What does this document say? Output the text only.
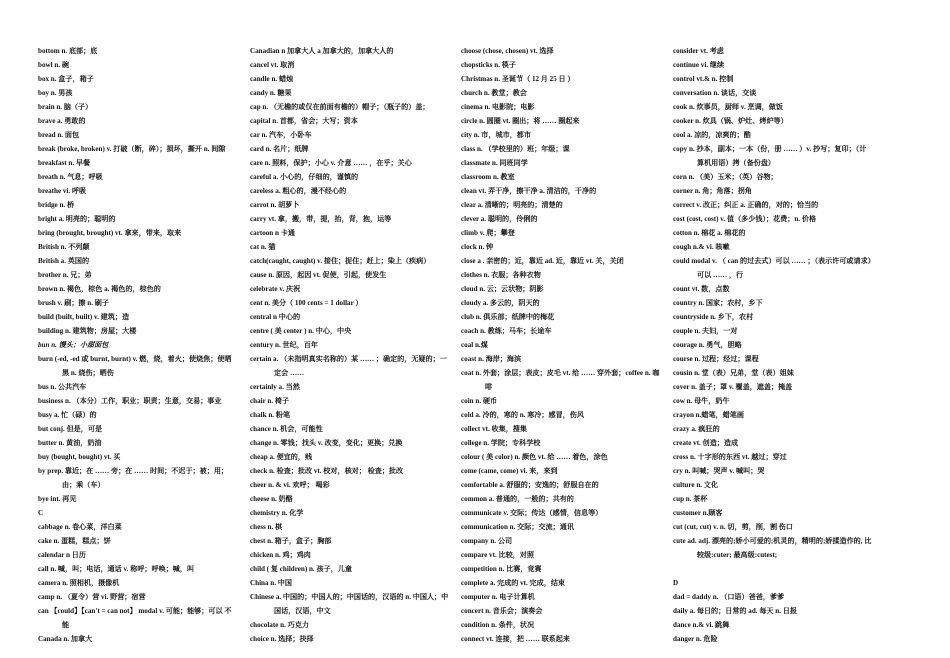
bottom n. 底部；底
bowl n. 碗
box n. 盒子，箱子
boy n. 男孩
brain n. 脑（子）
brave a. 勇敢的
bread n. 面包
break (broke, broken) v. 打破（断，碎）；损坏，撕开 n. 间隙
breakfast n. 早餐
breath n. 气息；呼吸
breathe vi. 呼吸
bridge n. 桥
bright a. 明亮的；聪明的
bring (brought, brought) vt. 拿来，带来，取来
British n. 不列颠
British a. 英国的
brother n. 兄；弟
brown n. 褐色，棕色 a. 褐色的，棕色的
brush v. 刷；擦 n. 刷子
build (built, built) v. 建筑；造
building n. 建筑物；房屋；大楼
bun n. 馒头；小甜面包
burn (-ed, -ed 或 burnt, burnt) v. 燃，烧，着火；使烧焦；使晒黑 n. 烧伤；晒伤
bus n. 公共汽车
business n. （本分）工作，职业；职责；生意，交易；事业
busy a. 忙（碌）的
but conj. 但是，可是
butter n. 黄油，奶油
buy (bought, bought) vt. 买
by prep. 靠近；在 …… 旁；在 …… 时间；不迟于；被；用；由；乘（车）
bye int. 再见
C
cabbage n. 卷心菜，洋白菜
cake n. 蛋糕，糕点；饼
calendar n 日历
call n. 喊，叫；电话，通话 v. 称呼；呼唤；喊，叫
camera n. 照相机，摄像机
camp n. （夏令）营 vi. 野营；宿营
can 【could】【can't = can not】 modal v. 可能；能够；可以 不能
Canada n. 加拿大
Canadian n 加拿大人 a 加拿大的，加拿大人的
cancel vt. 取消
candle n. 蜡烛
candy n. 糖果
cap n. （无檐的或仅在前面有檐的）帽子；（瓶子的）盖；
capital n. 首都，省会；大写；资本
car n. 汽车，小卧车
card n. 名片；纸牌
care n. 照料，保护；小心 v. 介意 …… ，在乎；关心
careful a. 小心的，仔细的，谨慎的
careless a. 粗心的，漫不经心的
carrot n. 胡萝卜
carry vt. 拿，搬，带，提，抬，背，抱，运等
cartoon n 卡通
cat n. 猫
catch(caught, caught) v. 接住；捉住；赶上；染上（疾病）
cause n. 原因，起因 vt. 促使，引起，使发生
celebrate v. 庆祝
cent n. 美分（ 100 cents = 1 dollar ）
central n 中心的
centre ( 美 center ) n. 中心，中央
century n. 世纪，百年
certain a. （未指明真实名称的）某 …… ；确定的，无疑的；一定会 ……
certainly a. 当然
chair n. 椅子
chalk n. 粉笔
chance n. 机会，可能性
change n. 零钱；找头 v. 改变，变化；更换；兑换
cheap a. 便宜的，贱
check n. 检查；批改 vt. 校对，核对； 检查；批改
cheer n. & vi. 欢呼； 喝彩
cheese n. 奶酪
chemistry n. 化学
chess n. 棋
chest n. 箱子，盒子；胸部
chicken n. 鸡；鸡肉
child ( 复 children) n. 孩子，儿童
China n. 中国
Chinese a. 中国的；中国人的；中国话的，汉语的 n. 中国人；中国话，汉语，中文
chocolate n. 巧克力
choice n. 选择；抉择
choose (chose, chosen) vt. 选择
chopsticks n. 筷子
Christmas n. 圣诞节（ 12 月 25 日 ）
church n. 教堂；教会
cinema n. 电影院；电影
circle n. 圆圈 vt. 圈出；将 …… 圈起来
city n. 市，城市，都市
class n. （学校里的）班；年级；课
classmate n. 同班同学
classroom n. 教室
clean vt. 弄干净，擦干净 a. 清洁的，干净的
clear a. 清晰的；明亮的；清楚的
clever a. 聪明的，伶俐的
climb v. 爬；攀登
clock n. 钟
close a . 亲密的；近，靠近 ad. 近，靠近 vt. 关，关闭
clothes n. 衣服；各种衣物
cloud n. 云；云状物；阴影
cloudy a. 多云的，阴天的
club n. 俱乐部；纸牌中的梅花
coach n. 教练；马车；长途车
coal n.煤
coast n. 海岸；海滨
coat n. 外套；涂层；表皮；皮毛 vt. 给 …… 穿外套；coffee n. 咖啡
coin n. 硬币
cold a. 冷的，寒的 n. 寒冷；感冒，伤风
collect vt. 收集，搜集
college n. 学院；专科学校
colour ( 美 color) n. 颜色 vt. 给 …… 着色，涂色
come (came, come) vi. 来，来到
comfortable a. 舒服的；安逸的；舒服自在的
common a. 普通的，一般的；共有的
communicate v. 交际；传达（感情，信息等）
communication n. 交际；交流；通讯
company n. 公司
compare vt. 比较，对照
competition n. 比赛，竞赛
complete a. 完成的 vt. 完成，结束
computer n. 电子计算机
concert n. 音乐会；演奏会
condition n. 条件，状况
connect vt. 连接，把 …… 联系起来
consider vt. 考虑
continue vi. 继续
control vt.& n. 控制
conversation n. 谈话，交谈
cook n. 炊事员，厨师 v. 烹调，做饭
cooker n. 炊具（锅、炉灶、烤炉等）
cool a. 凉的，凉爽的；酷
copy n. 抄本，副本；一本（份，册 …… ）v. 抄写；复印；（计算机用语）拷（备份盘）
corn n. （美）玉米；（英）谷物；
corner n. 角；角落；拐角
correct v. 改正；纠正 a. 正确的，对的；恰当的
cost (cost, cost) v. 值（多少钱）；花费；n. 价格
cotton n. 棉花 a. 棉花的
cough n.& vi. 咳嗽
could modal v. （ can 的过去式）可以 …… ；（表示许可或请求）可以 …… ，行
count vt. 数，点数
country n. 国家；农村，乡下
countryside n. 乡下，农村
couple n. 夫妇，一对
courage n. 勇气，胆略
course n. 过程；经过；课程
cousin n. 堂（表）兄弟，堂（表）姐妹
cover n. 盖子；罩 v. 覆盖，遮盖；掩盖
cow n. 母牛，奶牛
crayon n.蜡笔，蜡笔画
crazy a. 疯狂的
create vt. 创造；造成
cross n. 十字形的东西 vt. 越过；穿过
cry n. 叫喊；哭声 v. 喊叫；哭
culture n. 文化
cup n. 茶杯
customer n.顾客
cut (cut, cut) v. n. 切，剪，削，割 伤口
cute ad. adj. 漂亮的;娇小可爱的;机灵的，精明的;娇揉造作的, 比较级:cuter; 最高级:cutest;
D
dad = daddy n. （口语）爸爸，爹爹
daily a. 每日的；日常的 ad. 每天 n. 日报
dance n.& vi. 跳舞
danger n. 危险
